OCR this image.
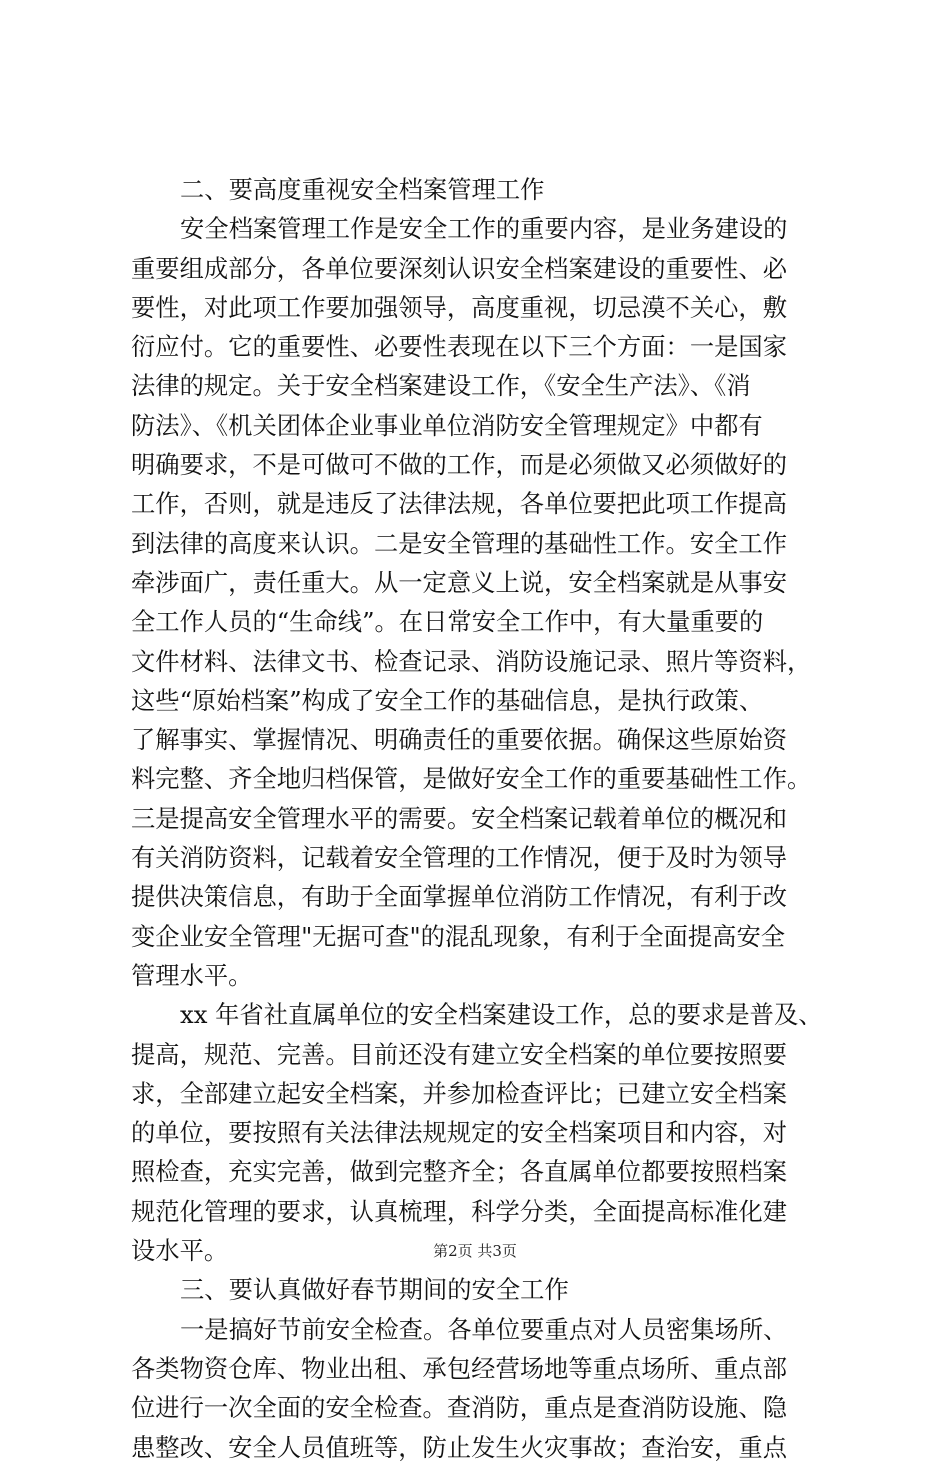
二、要高度重视安全档案管理工作
安全档案管理工作是安全工作的重要内容，是业务建设的
重要组成部分，各单位要深刻认识安全档案建设的重要性、必
要性，对此项工作要加强领导，高度重视，切忌漠不关心，敷
衍应付。它的重要性、必要性表现在以下三个方面：一是国家
法律的规定。关于安全档案建设工作，《安全生产法》、《消
防法》、《机关团体企业事业单位消防安全管理规定》中都有
明确要求，不是可做可不做的工作，而是必须做又必须做好的
工作，否则，就是违反了法律法规，各单位要把此项工作提高
到法律的高度来认识。二是安全管理的基础性工作。安全工作
牵涉面广，责任重大。从一定意义上说，安全档案就是从事安
全工作人员的“生命线”。在日常安全工作中，有大量重要的
文件材料、法律文书、检查记录、消防设施记录、照片等资料，
这些“原始档案”构成了安全工作的基础信息，是执行政策、
了解事实、掌握情况、明确责任的重要依据。确保这些原始资
料完整、齐全地归档保管，是做好安全工作的重要基础性工作。
三是提高安全管理水平的需要。安全档案记载着单位的概况和
有关消防资料，记载着安全管理的工作情况，便于及时为领导
提供决策信息，有助于全面掌握单位消防工作情况，有利于改
变企业安全管理"无据可查"的混乱现象，有利于全面提高安全
管理水平。
xx 年省社直属单位的安全档案建设工作，总的要求是普及、
提高，规范、完善。目前还没有建立安全档案的单位要按照要
求，全部建立起安全档案，并参加检查评比；已建立安全档案
的单位，要按照有关法律法规规定的安全档案项目和内容，对
照检查，充实完善，做到完整齐全；各直属单位都要按照档案
规范化管理的要求，认真梳理，科学分类，全面提高标准化建
设水平。
三、要认真做好春节期间的安全工作
一是搞好节前安全检查。各单位要重点对人员密集场所、
各类物资仓库、物业出租、承包经营场地等重点场所、重点部
位进行一次全面的安全检查。查消防，重点是查消防设施、隐
患整改、安全人员值班等，防止发生火灾事故；查治安，重点
第2页 共3页
